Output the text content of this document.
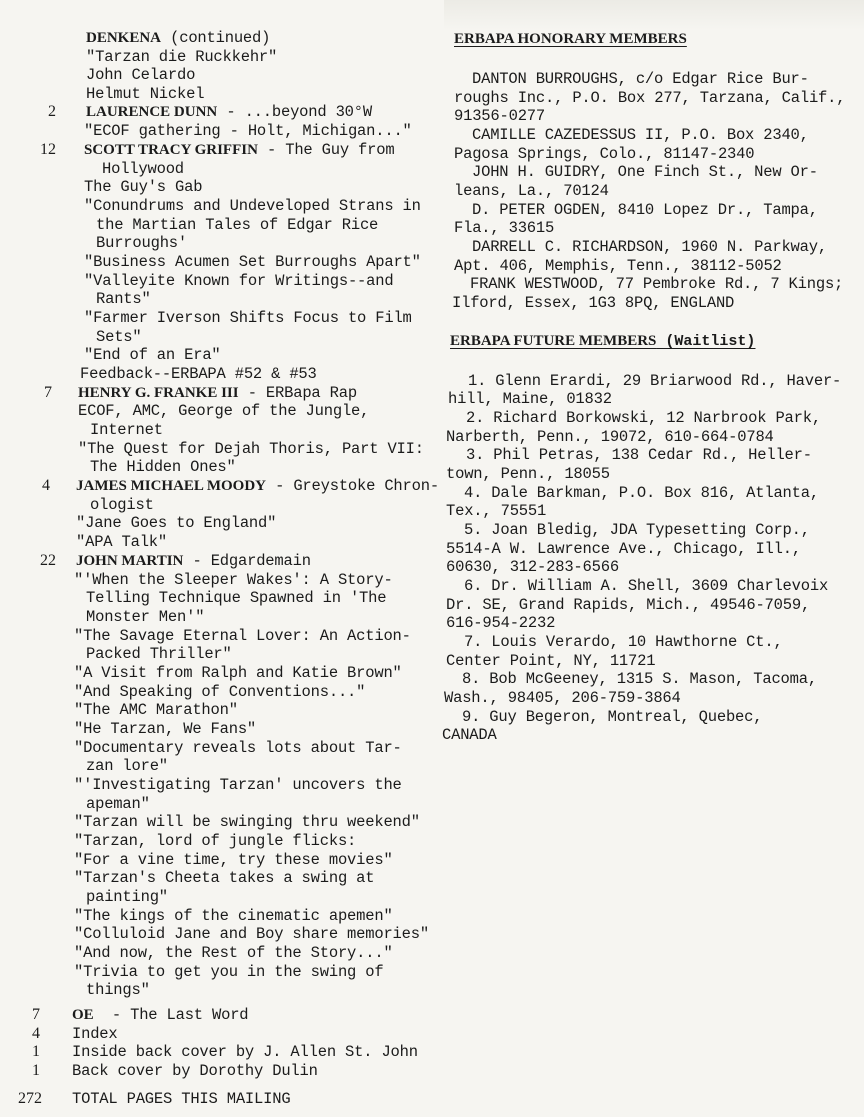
DENKENA (continued)
"Tarzan die Ruckkehr"
John Celardo
Helmut Nickel
2 LAURENCE DUNN - ...beyond 30°W
"ECOF gathering - Holt, Michigan..."
12 SCOTT TRACY GRIFFIN - The Guy from
Hollywood
The Guy's Gab
"Conundrums and Undeveloped Strans in
the Martian Tales of Edgar Rice
Burroughs'
"Business Acumen Set Burroughs Apart"
"Valleyite Known for Writings--and
Rants"
"Farmer Iverson Shifts Focus to Film
Sets"
"End of an Era"
Feedback--ERBAPA #52 & #53
7 HENRY G. FRANKE III - ERBapa Rap
ECOF, AMC, George of the Jungle,
Internet
"The Quest for Dejah Thoris, Part VII:
The Hidden Ones"
4 JAMES MICHAEL MOODY - Greystoke Chron-
ologist
"Jane Goes to England"
"APA Talk"
22 JOHN MARTIN - Edgardemain
"'When the Sleeper Wakes': A Story-
Telling Technique Spawned in 'The
Monster Men'"
"The Savage Eternal Lover: An Action-
Packed Thriller"
"A Visit from Ralph and Katie Brown"
"And Speaking of Conventions..."
"The AMC Marathon"
"He Tarzan, We Fans"
"Documentary reveals lots about Tar-
zan lore"
"'Investigating Tarzan' uncovers the
apeman"
"Tarzan will be swinging thru weekend"
"Tarzan, lord of jungle flicks:
"For a vine time, try these movies"
"Tarzan's Cheeta takes a swing at
painting"
"The kings of the cinematic apemen"
"Colluloid Jane and Boy share memories"
"And now, the Rest of the Story..."
"Trivia to get you in the swing of
things"
7 OE  - The Last Word
4 Index
1 Inside back cover by J. Allen St. John
1 Back cover by Dorothy Dulin
272 TOTAL PAGES THIS MAILING
ERBAPA HONORARY MEMBERS
DANTON BURROUGHS, c/o Edgar Rice Bur-
roughs Inc., P.O. Box 277, Tarzana, Calif.,
91356-0277
CAMILLE CAZEDESSUS II, P.O. Box 2340,
Pagosa Springs, Colo., 81147-2340
JOHN H. GUIDRY, One Finch St., New Or-
leans, La., 70124
D. PETER OGDEN, 8410 Lopez Dr., Tampa,
Fla., 33615
DARRELL C. RICHARDSON, 1960 N. Parkway,
Apt. 406, Memphis, Tenn., 38112-5052
FRANK WESTWOOD, 77 Pembroke Rd., 7 Kings;
Ilford, Essex, 1G3 8PQ, ENGLAND
ERBAPA FUTURE MEMBERS (Waitlist)
1. Glenn Erardi, 29 Briarwood Rd., Haver-
hill, Maine, 01832
2. Richard Borkowski, 12 Narbrook Park,
Narberth, Penn., 19072, 610-664-0784
3. Phil Petras, 138 Cedar Rd., Heller-
town, Penn., 18055
4. Dale Barkman, P.O. Box 816, Atlanta,
Tex., 75551
5. Joan Bledig, JDA Typesetting Corp.,
5514-A W. Lawrence Ave., Chicago, Ill.,
60630, 312-283-6566
6. Dr. William A. Shell, 3609 Charlevoix
Dr. SE, Grand Rapids, Mich., 49546-7059,
616-954-2232
7. Louis Verardo, 10 Hawthorne Ct.,
Center Point, NY, 11721
8. Bob McGeeney, 1315 S. Mason, Tacoma,
Wash., 98405, 206-759-3864
9. Guy Begeron, Montreal, Quebec,
CANADA
